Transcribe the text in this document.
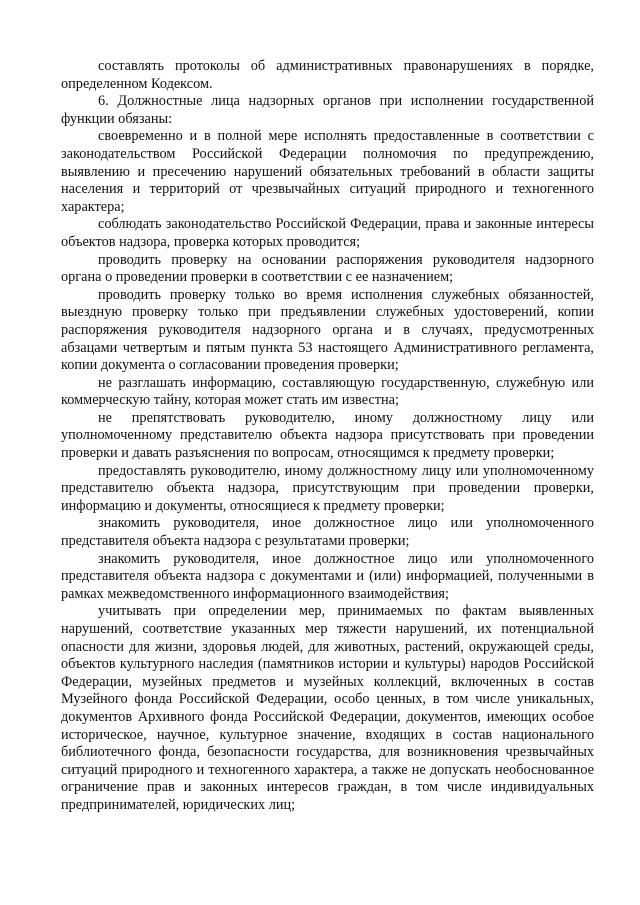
составлять протоколы об административных правонарушениях в порядке, определенном Кодексом.

6. Должностные лица надзорных органов при исполнении государственной функции обязаны:

своевременно и в полной мере исполнять предоставленные в соответствии с законодательством Российской Федерации полномочия по предупреждению, выявлению и пресечению нарушений обязательных требований в области защиты населения и территорий от чрезвычайных ситуаций природного и техногенного характера;

соблюдать законодательство Российской Федерации, права и законные интересы объектов надзора, проверка которых проводится;

проводить проверку на основании распоряжения руководителя надзорного органа о проведении проверки в соответствии с ее назначением;

проводить проверку только во время исполнения служебных обязанностей, выездную проверку только при предъявлении служебных удостоверений, копии распоряжения руководителя надзорного органа и в случаях, предусмотренных абзацами четвертым и пятым пункта 53 настоящего Административного регламента, копии документа о согласовании проведения проверки;

не разглашать информацию, составляющую государственную, служебную или коммерческую тайну, которая может стать им известна;

не препятствовать руководителю, иному должностному лицу или уполномоченному представителю объекта надзора присутствовать при проведении проверки и давать разъяснения по вопросам, относящимся к предмету проверки;

предоставлять руководителю, иному должностному лицу или уполномоченному представителю объекта надзора, присутствующим при проведении проверки, информацию и документы, относящиеся к предмету проверки;

знакомить руководителя, иное должностное лицо или уполномоченного представителя объекта надзора с результатами проверки;

знакомить руководителя, иное должностное лицо или уполномоченного представителя объекта надзора с документами и (или) информацией, полученными в рамках межведомственного информационного взаимодействия;

учитывать при определении мер, принимаемых по фактам выявленных нарушений, соответствие указанных мер тяжести нарушений, их потенциальной опасности для жизни, здоровья людей, для животных, растений, окружающей среды, объектов культурного наследия (памятников истории и культуры) народов Российской Федерации, музейных предметов и музейных коллекций, включенных в состав Музейного фонда Российской Федерации, особо ценных, в том числе уникальных, документов Архивного фонда Российской Федерации, документов, имеющих особое историческое, научное, культурное значение, входящих в состав национального библиотечного фонда, безопасности государства, для возникновения чрезвычайных ситуаций природного и техногенного характера, а также не допускать необоснованное ограничение прав и законных интересов граждан, в том числе индивидуальных предпринимателей, юридических лиц;
